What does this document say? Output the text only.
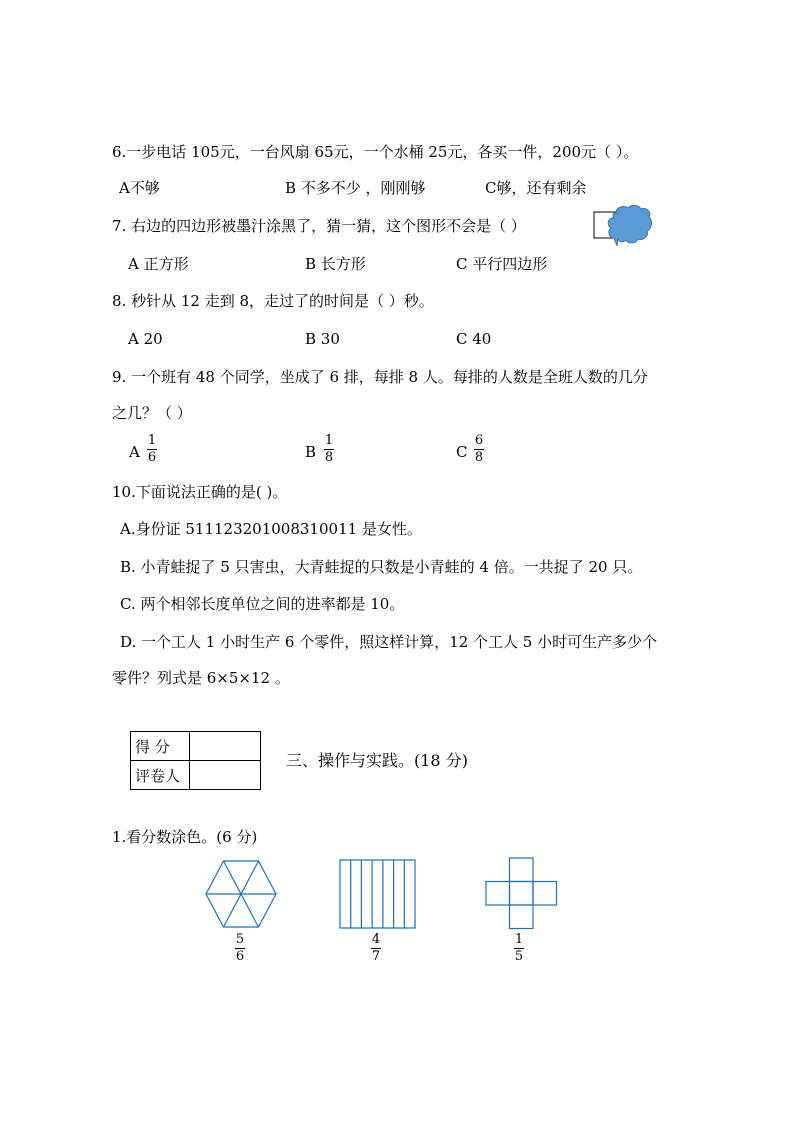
6.一步电话 105元，一台风扇 65元，一个水桶 25元，各买一件，200元（ ）。
A不够	B 不多不少 ，刚刚够	C够，还有剩余
7. 右边的四边形被墨汁涂黑了，猜一猜，这个图形不会是（ ）
A 正方形	B 长方形	C 平行四边形
8. 秒针从 12 走到 8，走过了的时间是（ ）秒。
A 20	B 30	C 40
9. 一个班有 48 个同学，坐成了 6 排，每排 8 人。每排的人数是全班人数的几分
之几？（ ）
A
1
6	B
1
8	C
6
8
10.下面说法正确的是( )。
A.身份证 511123201008310011 是女性。
B. 小青蛙捉了 5 只害虫，大青蛙捉的只数是小青蛙的 4 倍。一共捉了 20 只。
C. 两个相邻长度单位之间的进率都是 10。
D. 一个工人 1 小时生产 6 个零件，照这样计算，12 个工人 5 小时可生产多少个
零件？列式是 6×5×12 。
得 分	
评卷人	
三、操作与实践。(18 分)
1.看分数涂色。(6 分)
5
6
4
7
1
5
